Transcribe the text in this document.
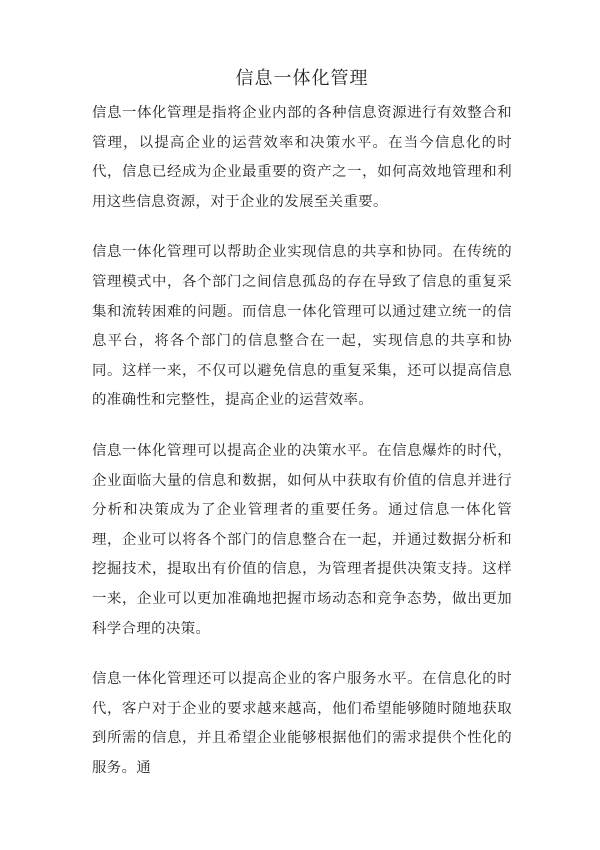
信息一体化管理

信息一体化管理是指将企业内部的各种信息资源进行有效整合和管理，以提高企业的运营效率和决策水平。在当今信息化的时代，信息已经成为企业最重要的资产之一，如何高效地管理和利用这些信息资源，对于企业的发展至关重要。

信息一体化管理可以帮助企业实现信息的共享和协同。在传统的管理模式中，各个部门之间信息孤岛的存在导致了信息的重复采集和流转困难的问题。而信息一体化管理可以通过建立统一的信息平台，将各个部门的信息整合在一起，实现信息的共享和协同。这样一来，不仅可以避免信息的重复采集，还可以提高信息的准确性和完整性，提高企业的运营效率。

信息一体化管理可以提高企业的决策水平。在信息爆炸的时代，企业面临大量的信息和数据，如何从中获取有价值的信息并进行分析和决策成为了企业管理者的重要任务。通过信息一体化管理，企业可以将各个部门的信息整合在一起，并通过数据分析和挖掘技术，提取出有价值的信息，为管理者提供决策支持。这样一来，企业可以更加准确地把握市场动态和竞争态势，做出更加科学合理的决策。

信息一体化管理还可以提高企业的客户服务水平。在信息化的时代，客户对于企业的要求越来越高，他们希望能够随时随地获取到所需的信息，并且希望企业能够根据他们的需求提供个性化的服务。通
